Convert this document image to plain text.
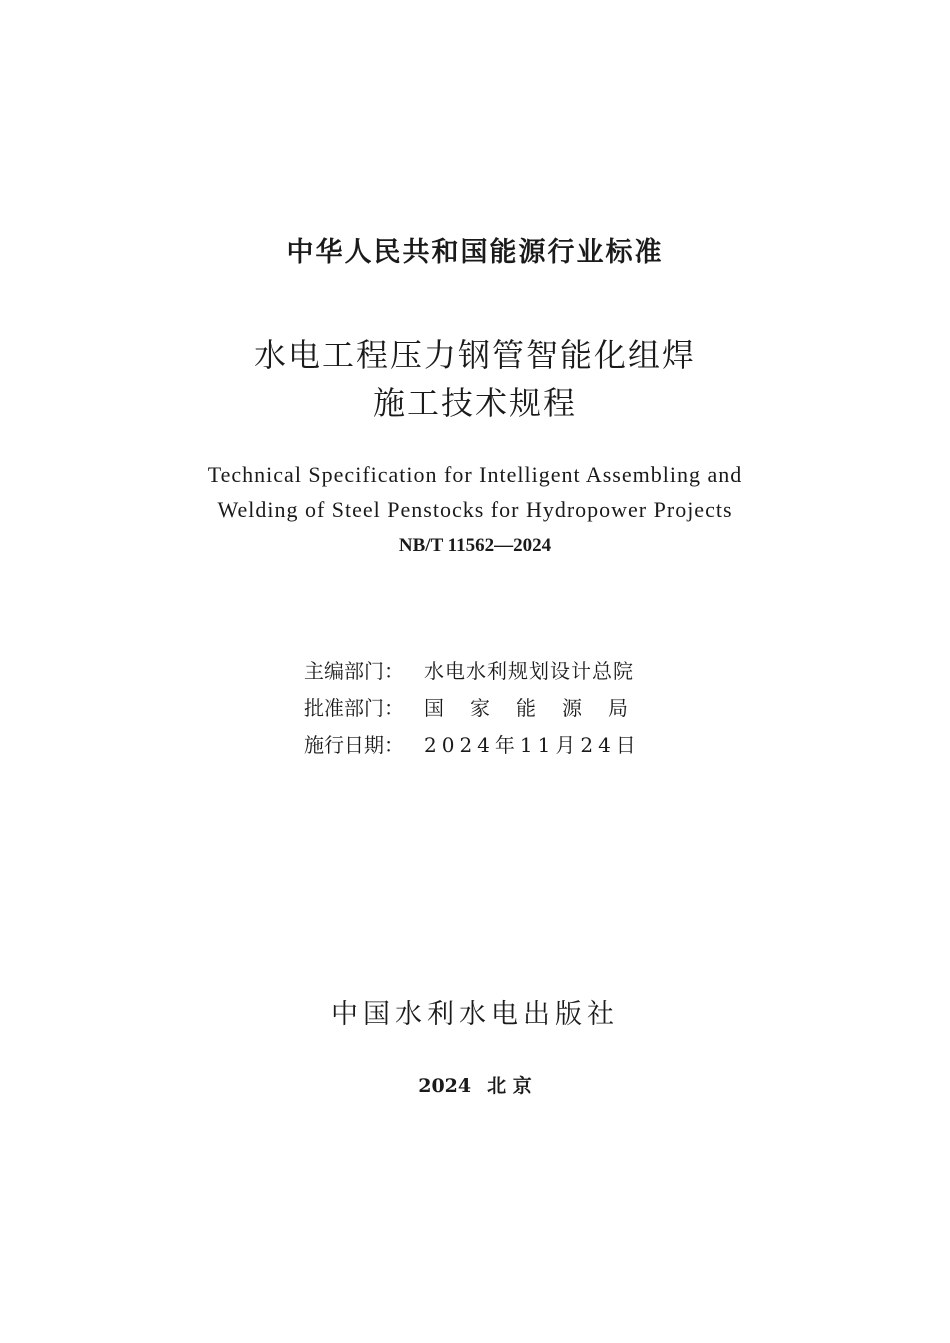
中华人民共和国能源行业标准
水电工程压力钢管智能化组焊
施工技术规程
Technical Specification for Intelligent Assembling and
Welding of Steel Penstocks for Hydropower Projects
NB/T 11562—2024
主编部门：	水电水利规划设计总院
批准部门：	国家能源局
施行日期：	2024年11月24日
中国水利水电出版社
2024 北 京
